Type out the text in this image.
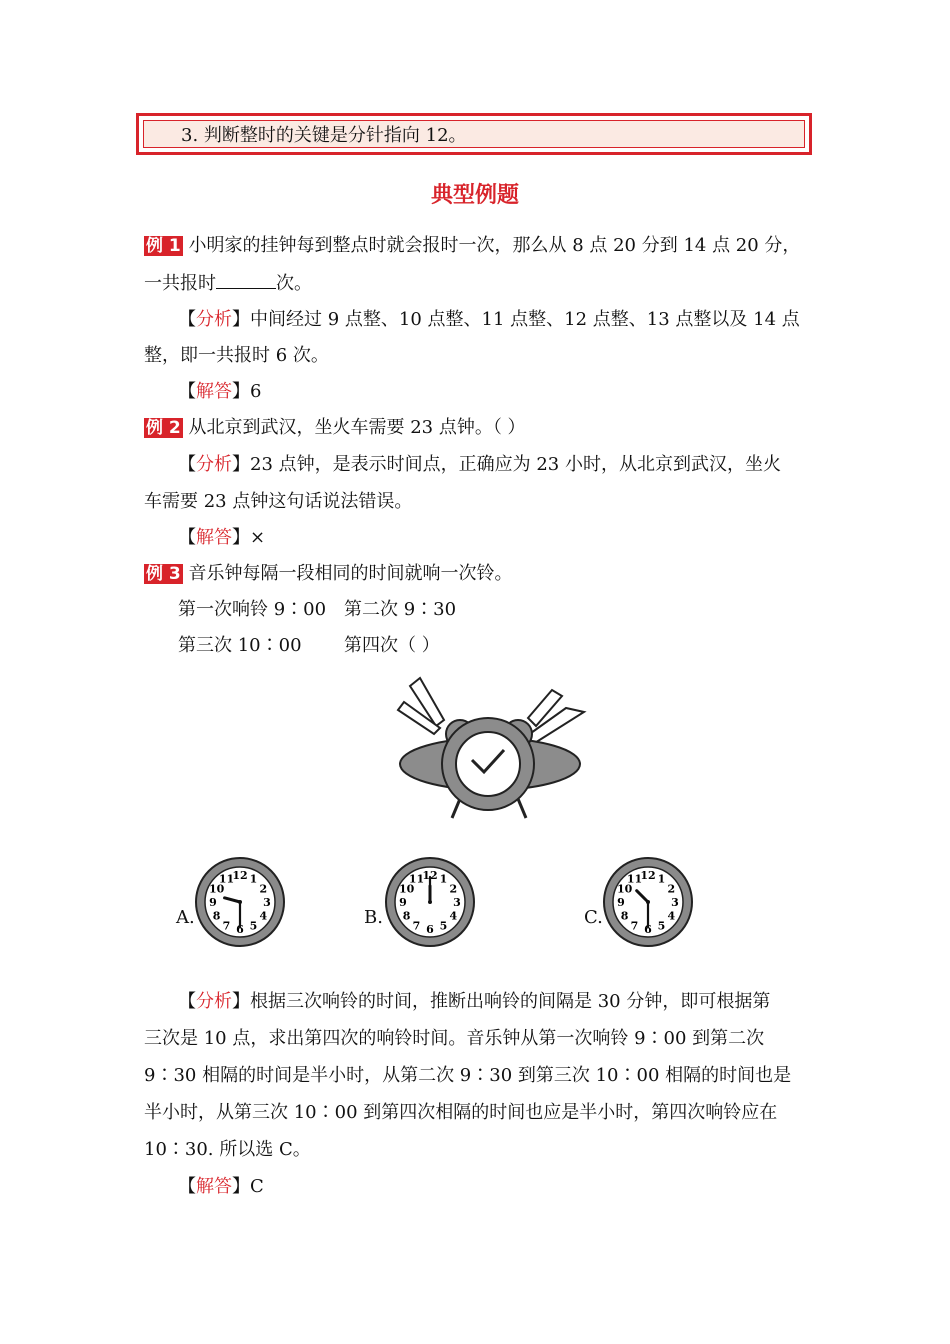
3. 判断整时的关键是分针指向 12。
典型例题
例 1 小明家的挂钟每到整点时就会报时一次，那么从 8 点 20 分到 14 点 20 分，
一共报时	次。
【分析】中间经过 9 点整、10 点整、11 点整、12 点整、13 点整以及 14 点
整，即一共报时 6 次。
【解答】6
例 2 从北京到武汉，坐火车需要 23 点钟。（ ）
【分析】23 点钟，是表示时间点，正确应为 23 小时，从北京到武汉，坐火
车需要 23 点钟这句话说法错误。
【解答】×
例 3 音乐钟每隔一段相同的时间就响一次铃。
第一次响铃 9∶00 第二次 9∶30
第三次 10∶00 第四次（ ）
A.
12 1
2
3
4
5
6
7
8
9
10
11
B.
12 1
2
3
4
5
6
7
8
9
10
11
C.
12 1
2
3
4
5
6
7
8
9
10
11
【分析】根据三次响铃的时间，推断出响铃的间隔是 30 分钟，即可根据第
三次是 10 点，求出第四次的响铃时间。音乐钟从第一次响铃 9∶00 到第二次
9∶30 相隔的时间是半小时，从第二次 9∶30 到第三次 10∶00 相隔的时间也是
半小时，从第三次 10∶00 到第四次相隔的时间也应是半小时，第四次响铃应在
10∶30. 所以选 C。
【解答】C
